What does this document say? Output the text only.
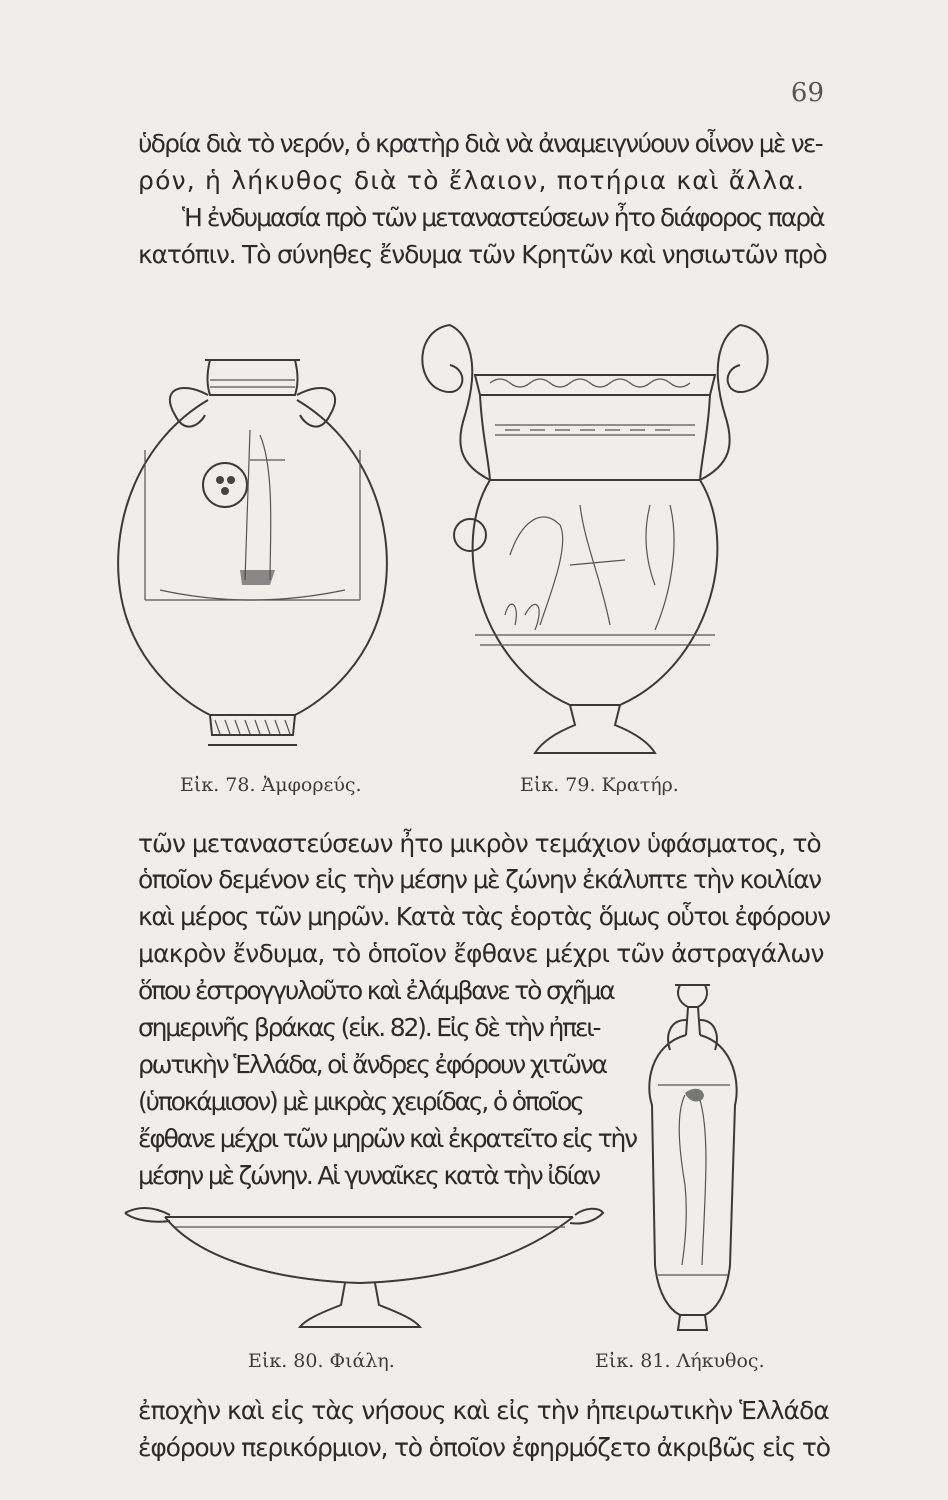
69
ὑδρία διὰ τὸ νερόν, ὁ κρατὴρ διὰ νὰ ἀναμειγνύουν οἶνον μὲ νε-
ρόν, ἡ λήκυθος διὰ τὸ ἔλαιον, ποτήρια καὶ ἄλλα.
Ἡ ἐνδυμασία πρὸ τῶν μεταναστεύσεων ἦτο διάφορος παρὰ
κατόπιν. Τὸ σύνηθες ἔνδυμα τῶν Κρητῶν καὶ νησιωτῶν πρὸ
Εἰκ. 78. Ἀμφορεύς.	Εἰκ. 79. Κρατήρ.
τῶν μεταναστεύσεων ἦτο μικρὸν τεμάχιον ὑφάσματος, τὸ
ὁποῖον δεμένον εἰς τὴν μέσην μὲ ζώνην ἐκάλυπτε τὴν κοιλίαν
καὶ μέρος τῶν μηρῶν. Κατὰ τὰς ἑορτὰς ὅμως οὗτοι ἐφόρουν
μακρὸν ἔνδυμα, τὸ ὁποῖον ἔφθανε μέχρι τῶν ἀστραγάλων
ὅπου ἐστρογγυλοῦτο καὶ ἐλάμβανε τὸ σχῆμα
σημερινῆς βράκας (εἰκ. 82). Εἰς δὲ τὴν ἠπει-
ρωτικὴν Ἑλλάδα, οἱ ἄνδρες ἐφόρουν χιτῶνα
(ὑποκάμισον) μὲ μικρὰς χειρίδας, ὁ ὁποῖος
ἔφθανε μέχρι τῶν μηρῶν καὶ ἐκρατεῖτο εἰς τὴν
μέσην μὲ ζώνην. Αἱ γυναῖκες κατὰ τὴν ἰδίαν
Εἰκ. 80. Φιάλη.	Εἰκ. 81. Λήκυθος.
ἐποχὴν καὶ εἰς τὰς νήσους καὶ εἰς τὴν ἠπειρωτικὴν Ἑλλάδα
ἐφόρουν περικόρμιον, τὸ ὁποῖον ἐφηρμόζετο ἀκριβῶς εἰς τὸ
